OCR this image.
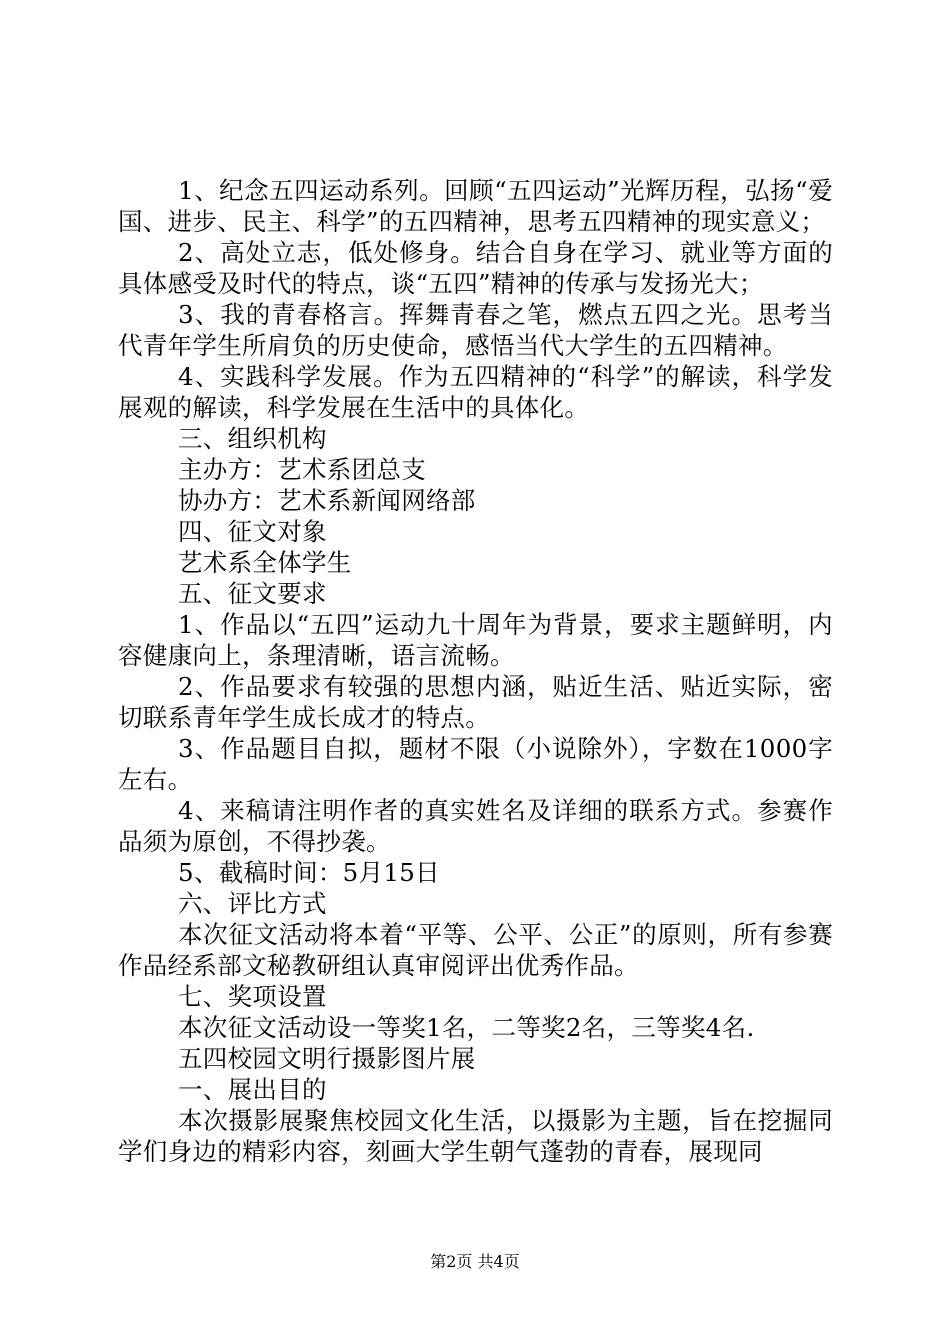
1、纪念五四运动系列。回顾“五四运动”光辉历程，弘扬“爱国、进步、民主、科学”的五四精神，思考五四精神的现实意义；

2、高处立志，低处修身。结合自身在学习、就业等方面的具体感受及时代的特点，谈“五四”精神的传承与发扬光大；

3、我的青春格言。挥舞青春之笔，燃点五四之光。思考当代青年学生所肩负的历史使命，感悟当代大学生的五四精神。

4、实践科学发展。作为五四精神的“科学”的解读，科学发展观的解读，科学发展在生活中的具体化。

三、组织机构

主办方：艺术系团总支

协办方：艺术系新闻网络部

四、征文对象

艺术系全体学生

五、征文要求

1、作品以“五四”运动九十周年为背景，要求主题鲜明，内容健康向上，条理清晰，语言流畅。

2、作品要求有较强的思想内涵，贴近生活、贴近实际，密切联系青年学生成长成才的特点。

3、作品题目自拟，题材不限（小说除外），字数在1000字左右。

4、来稿请注明作者的真实姓名及详细的联系方式。参赛作品须为原创，不得抄袭。

5、截稿时间：5月15日

六、评比方式

本次征文活动将本着“平等、公平、公正”的原则，所有参赛作品经系部文秘教研组认真审阅评出优秀作品。

七、奖项设置

本次征文活动设一等奖1名，二等奖2名，三等奖4名.

五四校园文明行摄影图片展

一、展出目的

本次摄影展聚焦校园文化生活，以摄影为主题，旨在挖掘同学们身边的精彩内容，刻画大学生朝气蓬勃的青春，展现同

第2页 共4页
